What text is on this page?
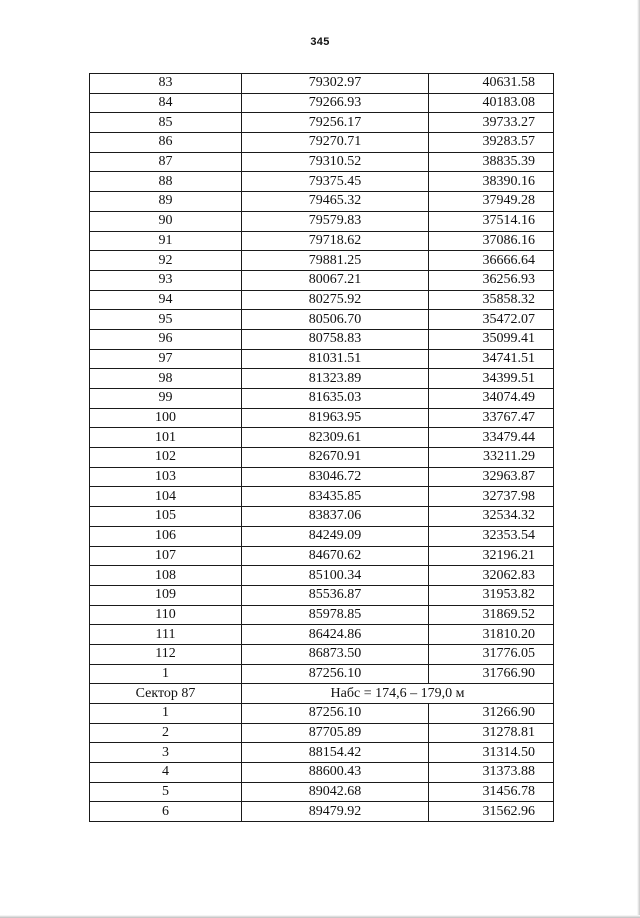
345
83	79302.97	40631.58
84	79266.93	40183.08
85	79256.17	39733.27
86	79270.71	39283.57
87	79310.52	38835.39
88	79375.45	38390.16
89	79465.32	37949.28
90	79579.83	37514.16
91	79718.62	37086.16
92	79881.25	36666.64
93	80067.21	36256.93
94	80275.92	35858.32
95	80506.70	35472.07
96	80758.83	35099.41
97	81031.51	34741.51
98	81323.89	34399.51
99	81635.03	34074.49
100	81963.95	33767.47
101	82309.61	33479.44
102	82670.91	33211.29
103	83046.72	32963.87
104	83435.85	32737.98
105	83837.06	32534.32
106	84249.09	32353.54
107	84670.62	32196.21
108	85100.34	32062.83
109	85536.87	31953.82
110	85978.85	31869.52
111	86424.86	31810.20
112	86873.50	31776.05
1	87256.10	31766.90
Сектор 87	Набс = 174,6 – 179,0 м	
1	87256.10	31266.90
2	87705.89	31278.81
3	88154.42	31314.50
4	88600.43	31373.88
5	89042.68	31456.78
6	89479.92	31562.96
